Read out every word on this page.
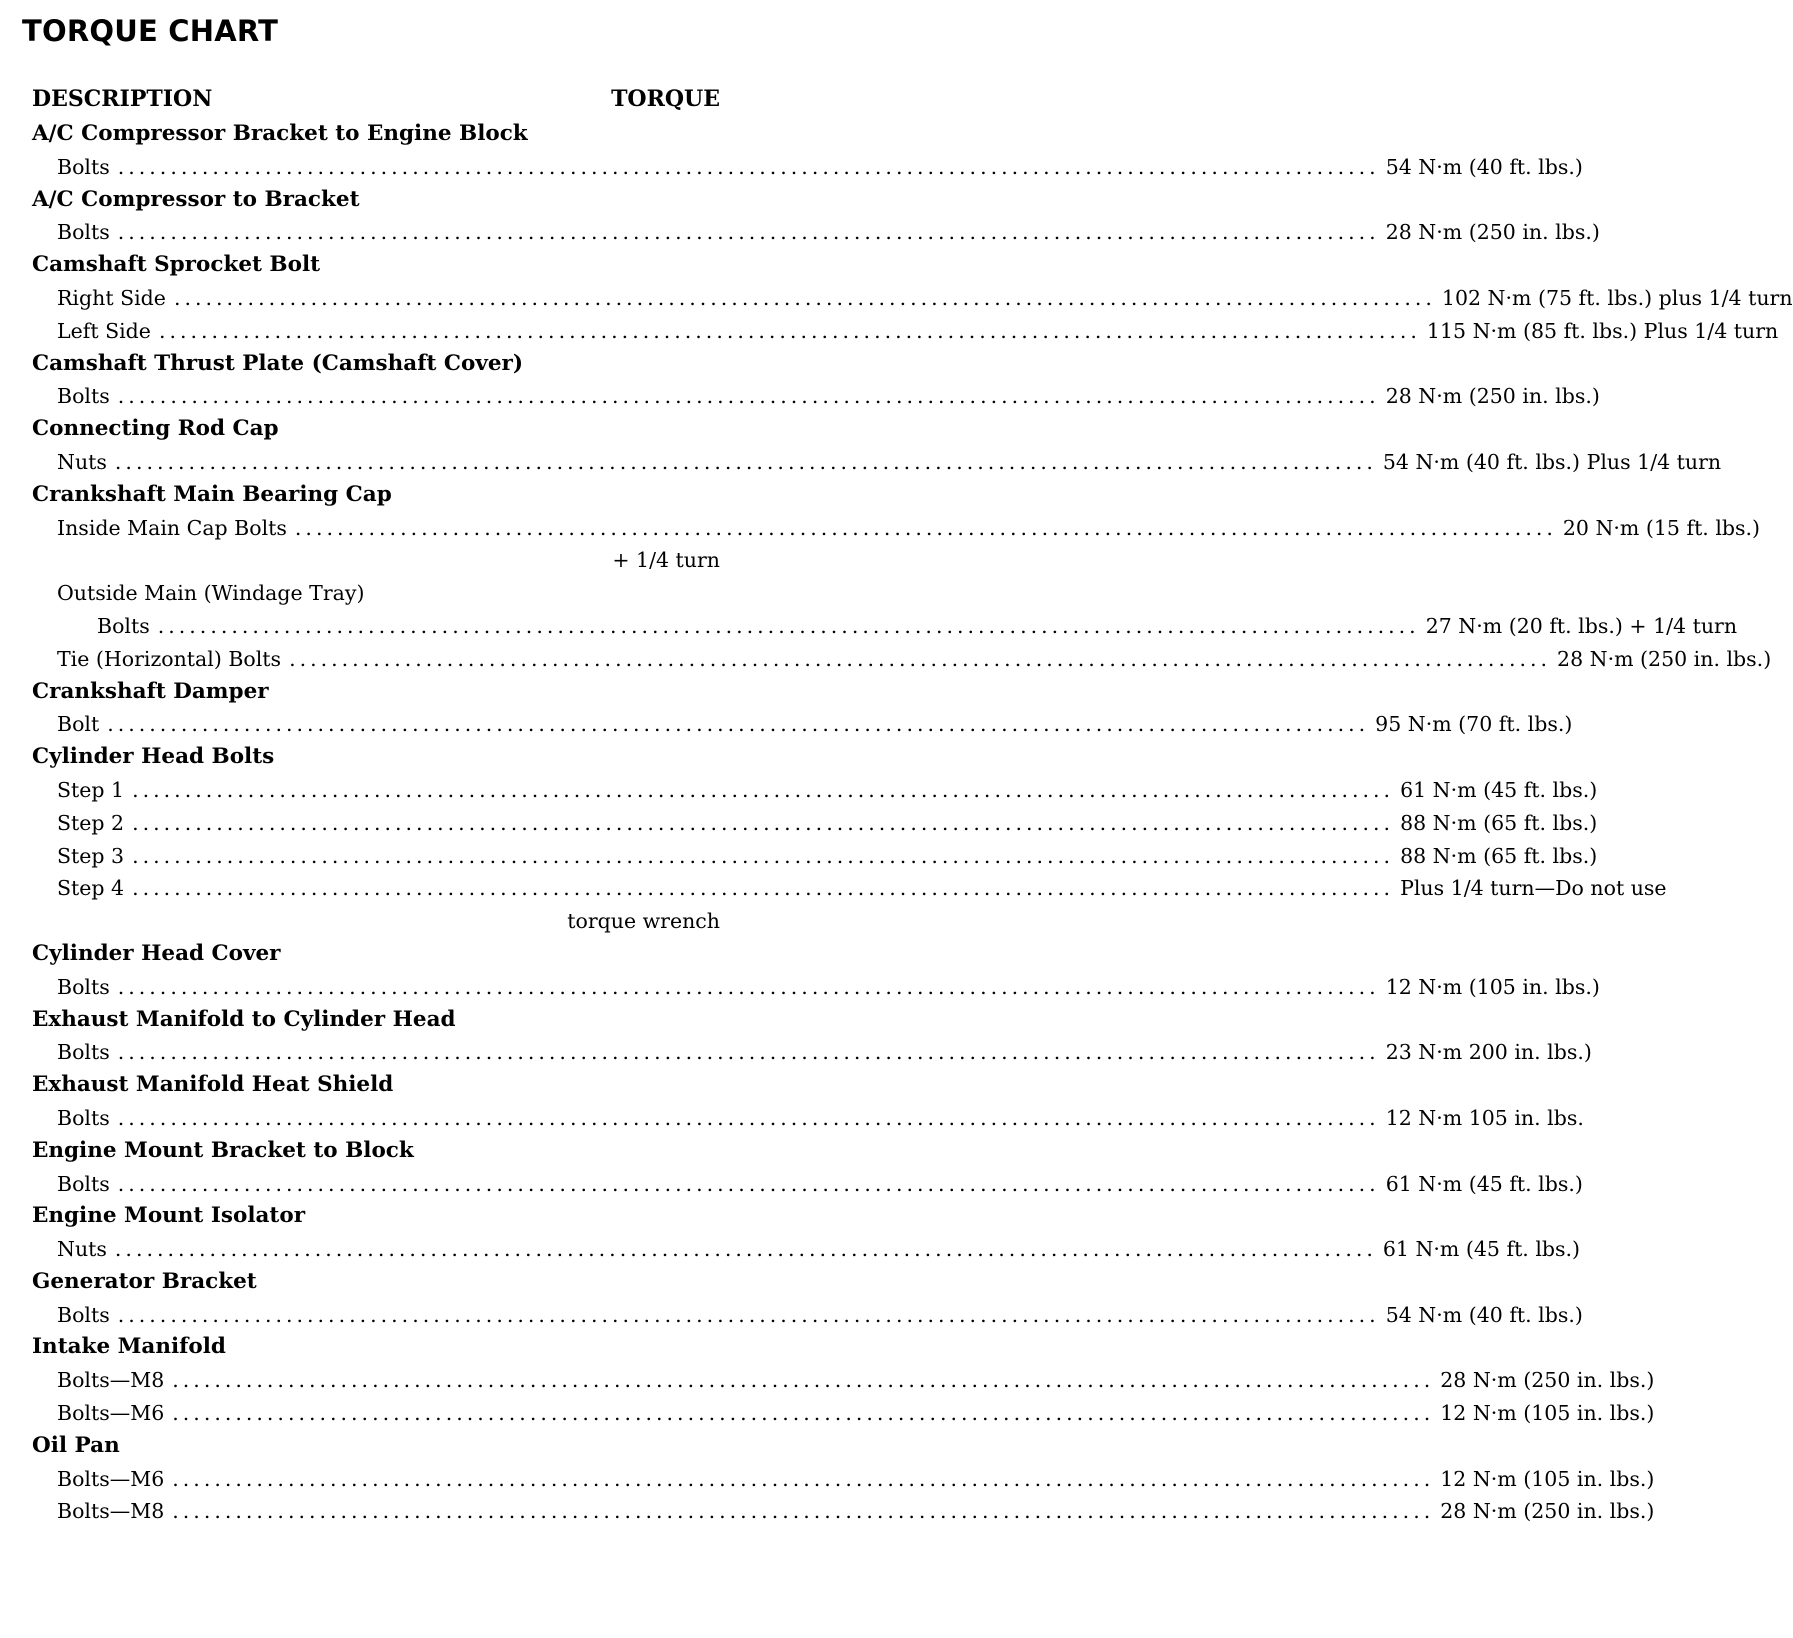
TORQUE CHART
DESCRIPTION	TORQUE
A/C Compressor Bracket to Engine Block
Bolts ........................................................................................................................ 54 N·m (40 ft. lbs.)
A/C Compressor to Bracket
Bolts ........................................................................................................................ 28 N·m (250 in. lbs.)
Camshaft Sprocket Bolt
Right Side ........................................................................................................................ 102 N·m (75 ft. lbs.) plus 1/4 turn
Left Side ........................................................................................................................ 115 N·m (85 ft. lbs.) Plus 1/4 turn
Camshaft Thrust Plate (Camshaft Cover)
Bolts ........................................................................................................................ 28 N·m (250 in. lbs.)
Connecting Rod Cap
Nuts ........................................................................................................................ 54 N·m (40 ft. lbs.) Plus 1/4 turn
Crankshaft Main Bearing Cap
Inside Main Cap Bolts ........................................................................................................................ 20 N·m (15 ft. lbs.)
+ 1/4 turn
Outside Main (Windage Tray)
Bolts ........................................................................................................................ 27 N·m (20 ft. lbs.) + 1/4 turn
Tie (Horizontal) Bolts ........................................................................................................................ 28 N·m (250 in. lbs.)
Crankshaft Damper
Bolt ........................................................................................................................ 95 N·m (70 ft. lbs.)
Cylinder Head Bolts
Step 1 ........................................................................................................................ 61 N·m (45 ft. lbs.)
Step 2 ........................................................................................................................ 88 N·m (65 ft. lbs.)
Step 3 ........................................................................................................................ 88 N·m (65 ft. lbs.)
Step 4 ........................................................................................................................ Plus 1/4 turn—Do not use
torque wrench
Cylinder Head Cover
Bolts ........................................................................................................................ 12 N·m (105 in. lbs.)
Exhaust Manifold to Cylinder Head
Bolts ........................................................................................................................ 23 N·m 200 in. lbs.)
Exhaust Manifold Heat Shield
Bolts ........................................................................................................................ 12 N·m 105 in. lbs.
Engine Mount Bracket to Block
Bolts ........................................................................................................................ 61 N·m (45 ft. lbs.)
Engine Mount Isolator
Nuts ........................................................................................................................ 61 N·m (45 ft. lbs.)
Generator Bracket
Bolts ........................................................................................................................ 54 N·m (40 ft. lbs.)
Intake Manifold
Bolts—M8 ........................................................................................................................ 28 N·m (250 in. lbs.)
Bolts—M6 ........................................................................................................................ 12 N·m (105 in. lbs.)
Oil Pan
Bolts—M6 ........................................................................................................................ 12 N·m (105 in. lbs.)
Bolts—M8 ........................................................................................................................ 28 N·m (250 in. lbs.)
